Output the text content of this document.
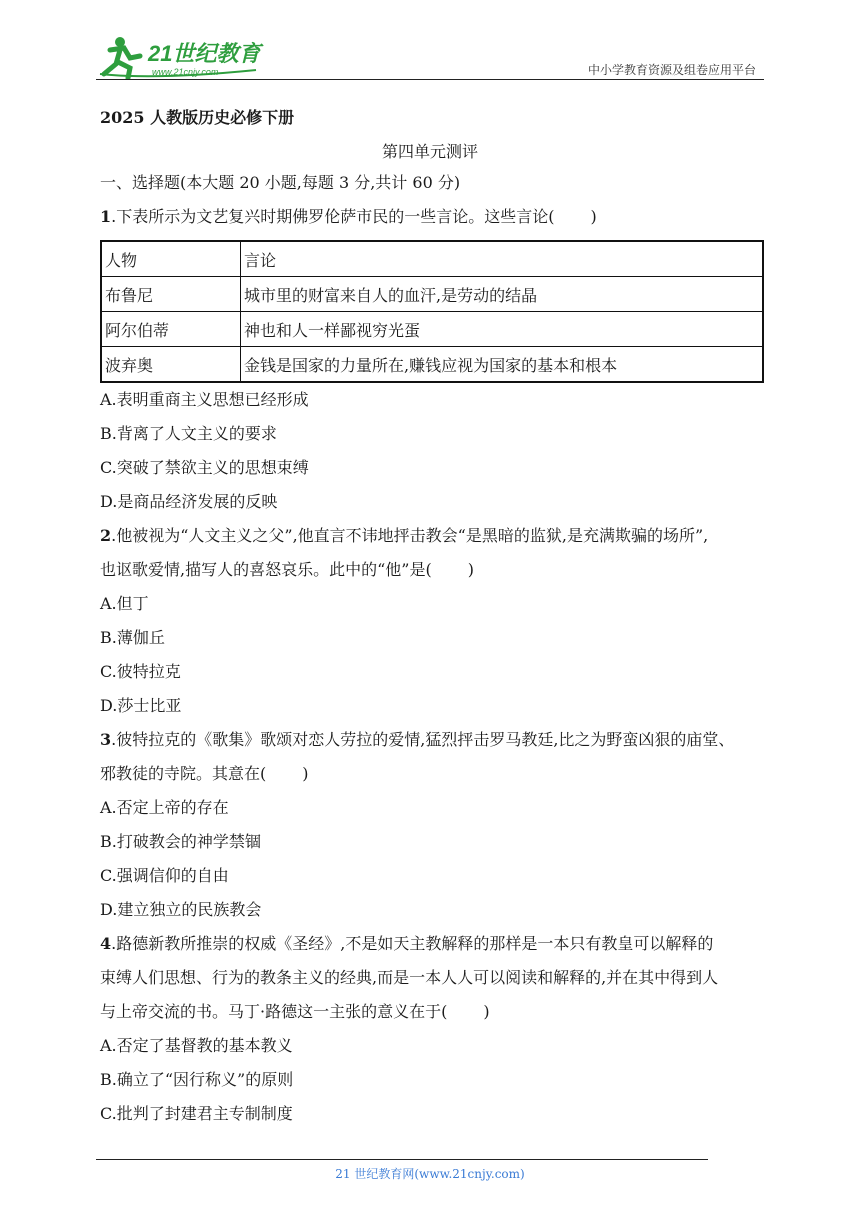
21世纪教育
www.21cnjy.com	中小学教育资源及组卷应用平台
2025 人教版历史必修下册
第四单元测评
一、选择题(本大题 20 小题,每题 3 分,共计 60 分)
1.下表所示为文艺复兴时期佛罗伦萨市民的一些言论。这些言论( )
人物	言论
布鲁尼	城市里的财富来自人的血汗,是劳动的结晶
阿尔伯蒂	神也和人一样鄙视穷光蛋
波弃奥	金钱是国家的力量所在,赚钱应视为国家的基本和根本
A.表明重商主义思想已经形成
B.背离了人文主义的要求
C.突破了禁欲主义的思想束缚
D.是商品经济发展的反映
2.他被视为“人文主义之父”,他直言不讳地抨击教会“是黑暗的监狱,是充满欺骗的场所”,
也讴歌爱情,描写人的喜怒哀乐。此中的“他”是( )
A.但丁
B.薄伽丘
C.彼特拉克
D.莎士比亚
3.彼特拉克的《歌集》歌颂对恋人劳拉的爱情,猛烈抨击罗马教廷,比之为野蛮凶狠的庙堂、
邪教徒的寺院。其意在( )
A.否定上帝的存在
B.打破教会的神学禁锢
C.强调信仰的自由
D.建立独立的民族教会
4.路德新教所推崇的权威《圣经》,不是如天主教解释的那样是一本只有教皇可以解释的
束缚人们思想、行为的教条主义的经典,而是一本人人可以阅读和解释的,并在其中得到人
与上帝交流的书。马丁·路德这一主张的意义在于( )
A.否定了基督教的基本教义
B.确立了“因行称义”的原则
C.批判了封建君主专制制度
21 世纪教育网(www.21cnjy.com)
